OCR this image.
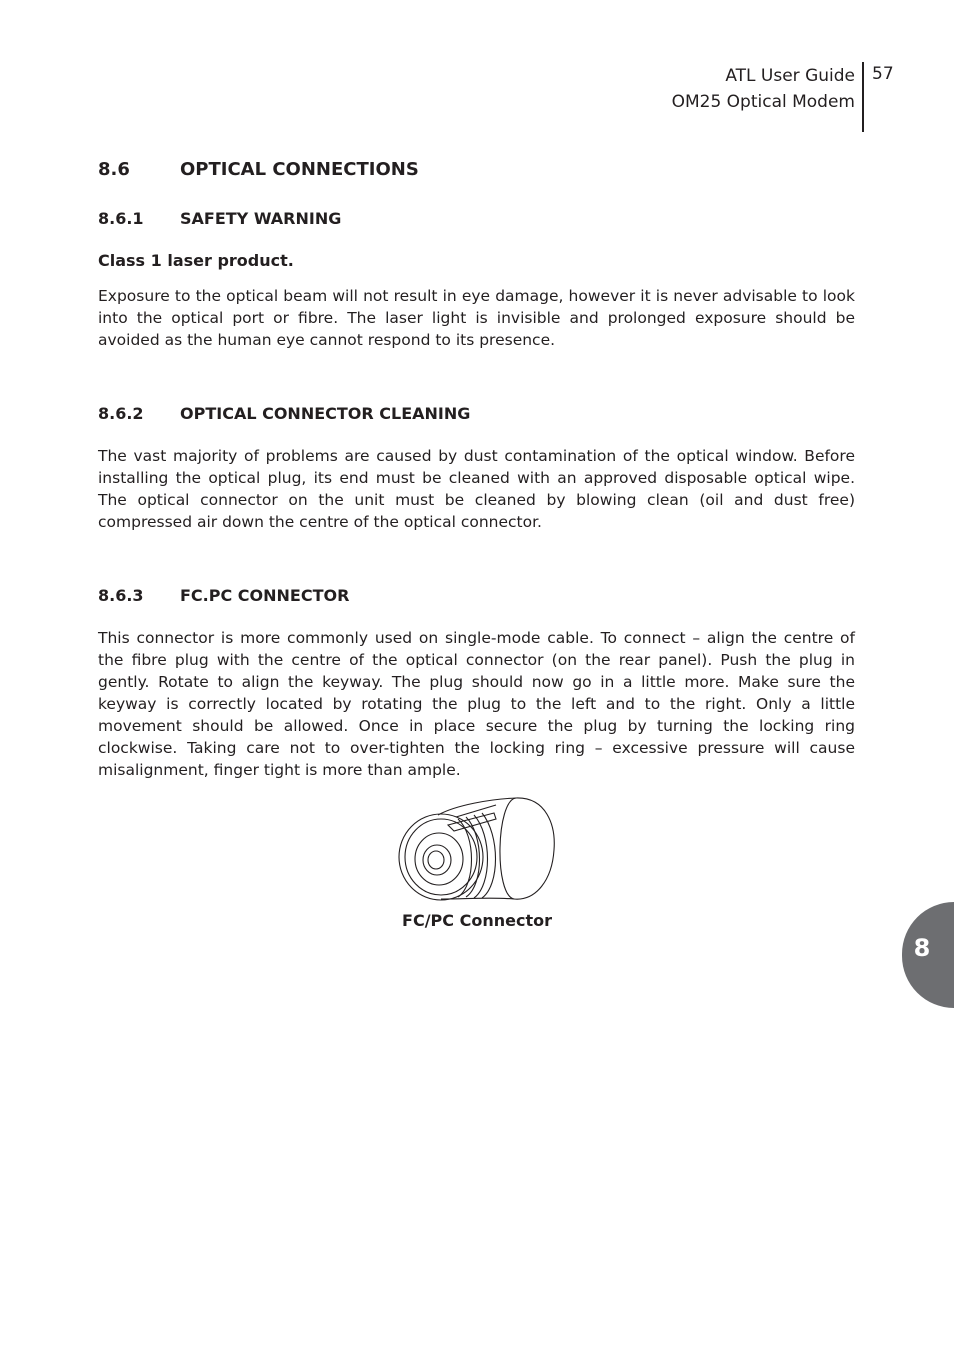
ATL User Guide
OM25 Optical Modem
57
8.6	OPTICAL CONNECTIONS
8.6.1 SAFETY WARNING
Class 1 laser product.

Exposure to the optical beam will not result in eye damage, however it is never advisable to look into the optical port or fibre. The laser light is invisible and prolonged exposure should be avoided as the human eye cannot respond to its presence.

8.6.2 OPTICAL CONNECTOR CLEANING

The vast majority of problems are caused by dust contamination of the optical window. Before installing the optical plug, its end must be cleaned with an approved disposable optical wipe. The optical connector on the unit must be cleaned by blowing clean (oil and dust free) compressed air down the centre of the optical connector.

8.6.3 FC.PC CONNECTOR

This connector is more commonly used on single-mode cable. To connect – align the centre of the fibre plug with the centre of the optical connector (on the rear panel). Push the plug in gently. Rotate to align the keyway. The plug should now go in a little more. Make sure the keyway is correctly located by rotating the plug to the left and to the right. Only a little movement should be allowed. Once in place secure the plug by turning the locking ring clockwise. Taking care not to over-tighten the locking ring – excessive pressure will cause misalignment, finger tight is more than ample.

FC/PC Connector
8
